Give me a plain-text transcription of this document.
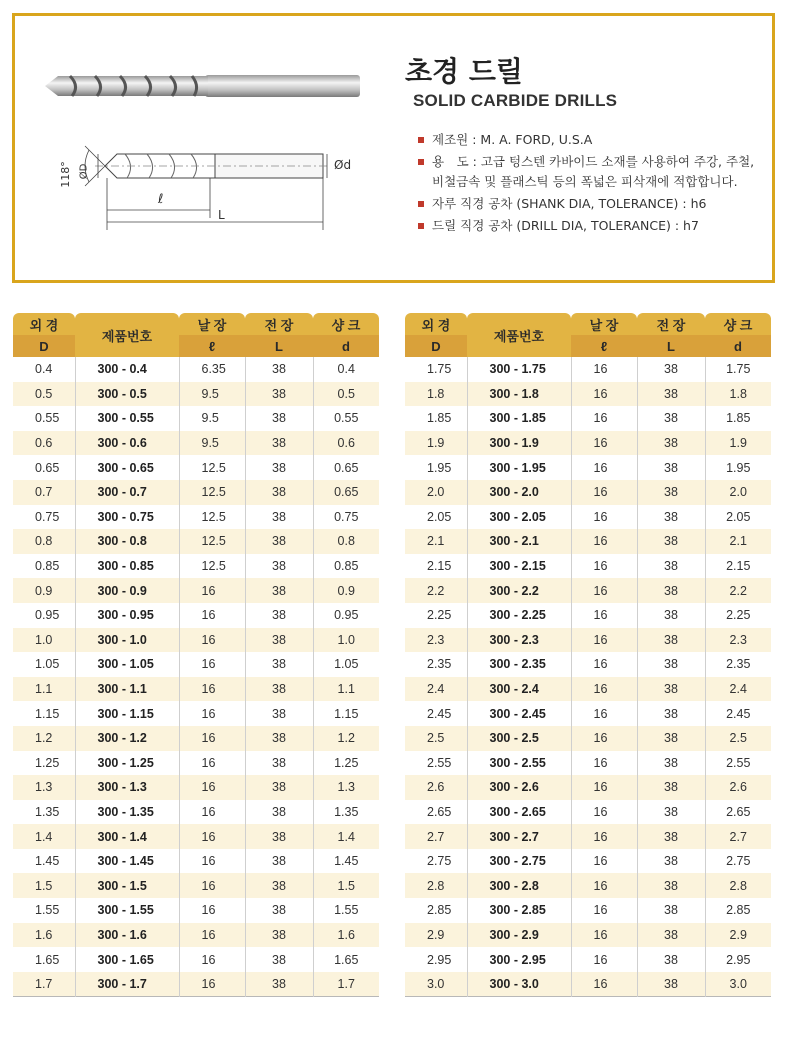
118° ØD	Ød
ℓ
L
초경 드릴
SOLID CARBIDE DRILLS
제조원 : M. A. FORD, U.S.A
용　도 : 고급 텅스텐 카바이드 소재를 사용하여 주강, 주철, 비철금속 및 플래스틱 등의 폭넓은 피삭재에 적합합니다.
자루 직경 공차 (SHANK DIA, TOLERANCE) : h6
드릴 직경 공차 (DRILL DIA, TOLERANCE) : h7
외 경	제품번호	날 장	전 장	샹 크
D		ℓ	L	d
0.4	300 - 0.4	6.35	38	0.4
0.5	300 - 0.5	9.5	38	0.5
0.55	300 - 0.55	9.5	38	0.55
0.6	300 - 0.6	9.5	38	0.6
0.65	300 - 0.65	12.5	38	0.65
0.7	300 - 0.7	12.5	38	0.65
0.75	300 - 0.75	12.5	38	0.75
0.8	300 - 0.8	12.5	38	0.8
0.85	300 - 0.85	12.5	38	0.85
0.9	300 - 0.9	16	38	0.9
0.95	300 - 0.95	16	38	0.95
1.0	300 - 1.0	16	38	1.0
1.05	300 - 1.05	16	38	1.05
1.1	300 - 1.1	16	38	1.1
1.15	300 - 1.15	16	38	1.15
1.2	300 - 1.2	16	38	1.2
1.25	300 - 1.25	16	38	1.25
1.3	300 - 1.3	16	38	1.3
1.35	300 - 1.35	16	38	1.35
1.4	300 - 1.4	16	38	1.4
1.45	300 - 1.45	16	38	1.45
1.5	300 - 1.5	16	38	1.5
1.55	300 - 1.55	16	38	1.55
1.6	300 - 1.6	16	38	1.6
1.65	300 - 1.65	16	38	1.65
1.7	300 - 1.7	16	38	1.7
외 경	제품번호	날 장	전 장	샹 크
D		ℓ	L	d
1.75	300 - 1.75	16	38	1.75
1.8	300 - 1.8	16	38	1.8
1.85	300 - 1.85	16	38	1.85
1.9	300 - 1.9	16	38	1.9
1.95	300 - 1.95	16	38	1.95
2.0	300 - 2.0	16	38	2.0
2.05	300 - 2.05	16	38	2.05
2.1	300 - 2.1	16	38	2.1
2.15	300 - 2.15	16	38	2.15
2.2	300 - 2.2	16	38	2.2
2.25	300 - 2.25	16	38	2.25
2.3	300 - 2.3	16	38	2.3
2.35	300 - 2.35	16	38	2.35
2.4	300 - 2.4	16	38	2.4
2.45	300 - 2.45	16	38	2.45
2.5	300 - 2.5	16	38	2.5
2.55	300 - 2.55	16	38	2.55
2.6	300 - 2.6	16	38	2.6
2.65	300 - 2.65	16	38	2.65
2.7	300 - 2.7	16	38	2.7
2.75	300 - 2.75	16	38	2.75
2.8	300 - 2.8	16	38	2.8
2.85	300 - 2.85	16	38	2.85
2.9	300 - 2.9	16	38	2.9
2.95	300 - 2.95	16	38	2.95
3.0	300 - 3.0	16	38	3.0
